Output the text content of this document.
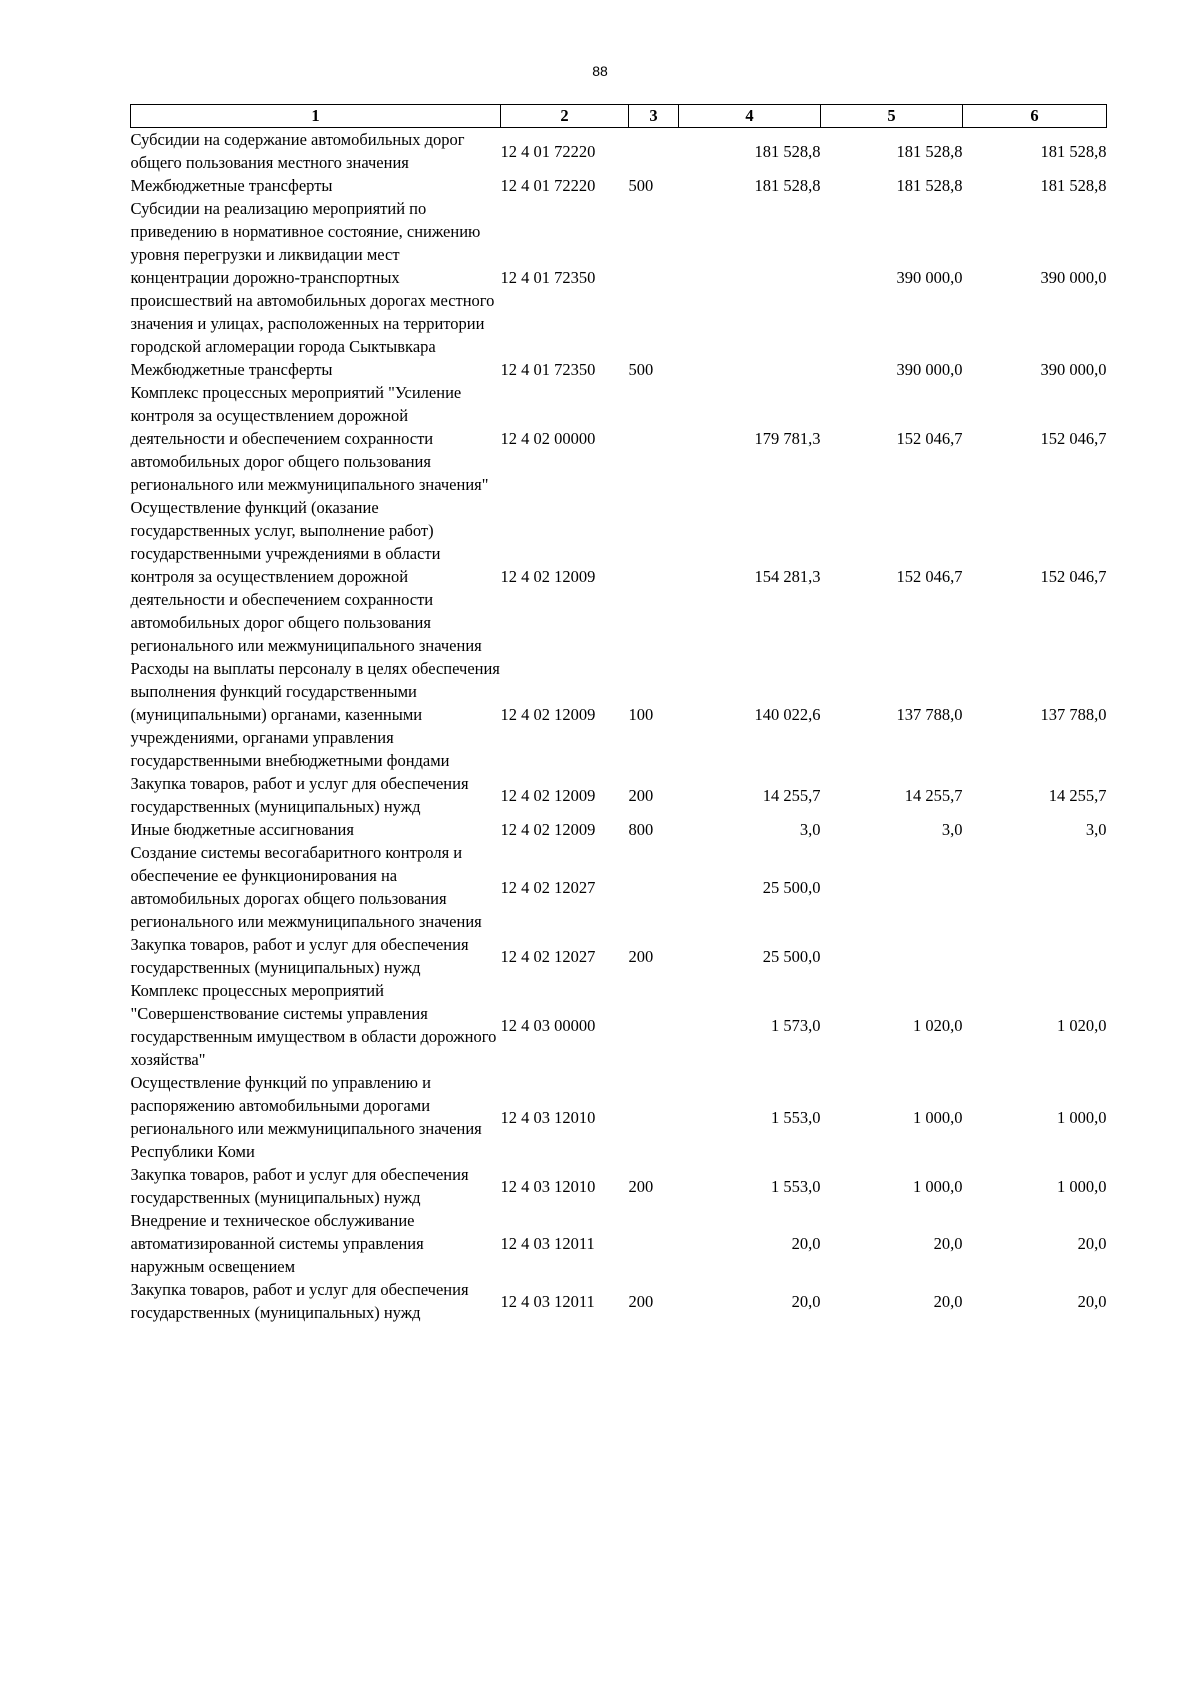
88
1	2	3	4	5	6
Субсидии на содержание автомобильных дорог общего пользования местного значения	12 4 01 72220		181 528,8	181 528,8	181 528,8
Межбюджетные трансферты	12 4 01 72220	500	181 528,8	181 528,8	181 528,8
Субсидии на реализацию мероприятий по приведению в нормативное состояние, снижению уровня перегрузки и ликвидации мест концентрации дорожно-транспортных происшествий на автомобильных дорогах местного значения и улицах, расположенных на территории городской агломерации города Сыктывкара	12 4 01 72350			390 000,0	390 000,0
Межбюджетные трансферты	12 4 01 72350	500		390 000,0	390 000,0
Комплекс процессных мероприятий "Усиление контроля за осуществлением дорожной деятельности и обеспечением сохранности автомобильных дорог общего пользования регионального или межмуниципального значения"	12 4 02 00000		179 781,3	152 046,7	152 046,7
Осуществление функций (оказание государственных услуг, выполнение работ) государственными учреждениями в области контроля за осуществлением дорожной деятельности и обеспечением сохранности автомобильных дорог общего пользования регионального или межмуниципального значения	12 4 02 12009		154 281,3	152 046,7	152 046,7
Расходы на выплаты персоналу в целях обеспечения выполнения функций государственными (муниципальными) органами, казенными учреждениями, органами управления государственными внебюджетными фондами	12 4 02 12009	100	140 022,6	137 788,0	137 788,0
Закупка товаров, работ и услуг для обеспечения государственных (муниципальных) нужд	12 4 02 12009	200	14 255,7	14 255,7	14 255,7
Иные бюджетные ассигнования	12 4 02 12009	800	3,0	3,0	3,0
Создание системы весогабаритного контроля и обеспечение ее функционирования на автомобильных дорогах общего пользования регионального или межмуниципального значения	12 4 02 12027		25 500,0		
Закупка товаров, работ и услуг для обеспечения государственных (муниципальных) нужд	12 4 02 12027	200	25 500,0		
Комплекс процессных мероприятий "Совершенствование системы управления государственным имуществом в области дорожного хозяйства"	12 4 03 00000		1 573,0	1 020,0	1 020,0
Осуществление функций по управлению и распоряжению автомобильными дорогами регионального или межмуниципального значения Республики Коми	12 4 03 12010		1 553,0	1 000,0	1 000,0
Закупка товаров, работ и услуг для обеспечения государственных (муниципальных) нужд	12 4 03 12010	200	1 553,0	1 000,0	1 000,0
Внедрение и техническое обслуживание автоматизированной системы управления наружным освещением	12 4 03 12011		20,0	20,0	20,0
Закупка товаров, работ и услуг для обеспечения государственных (муниципальных) нужд	12 4 03 12011	200	20,0	20,0	20,0
